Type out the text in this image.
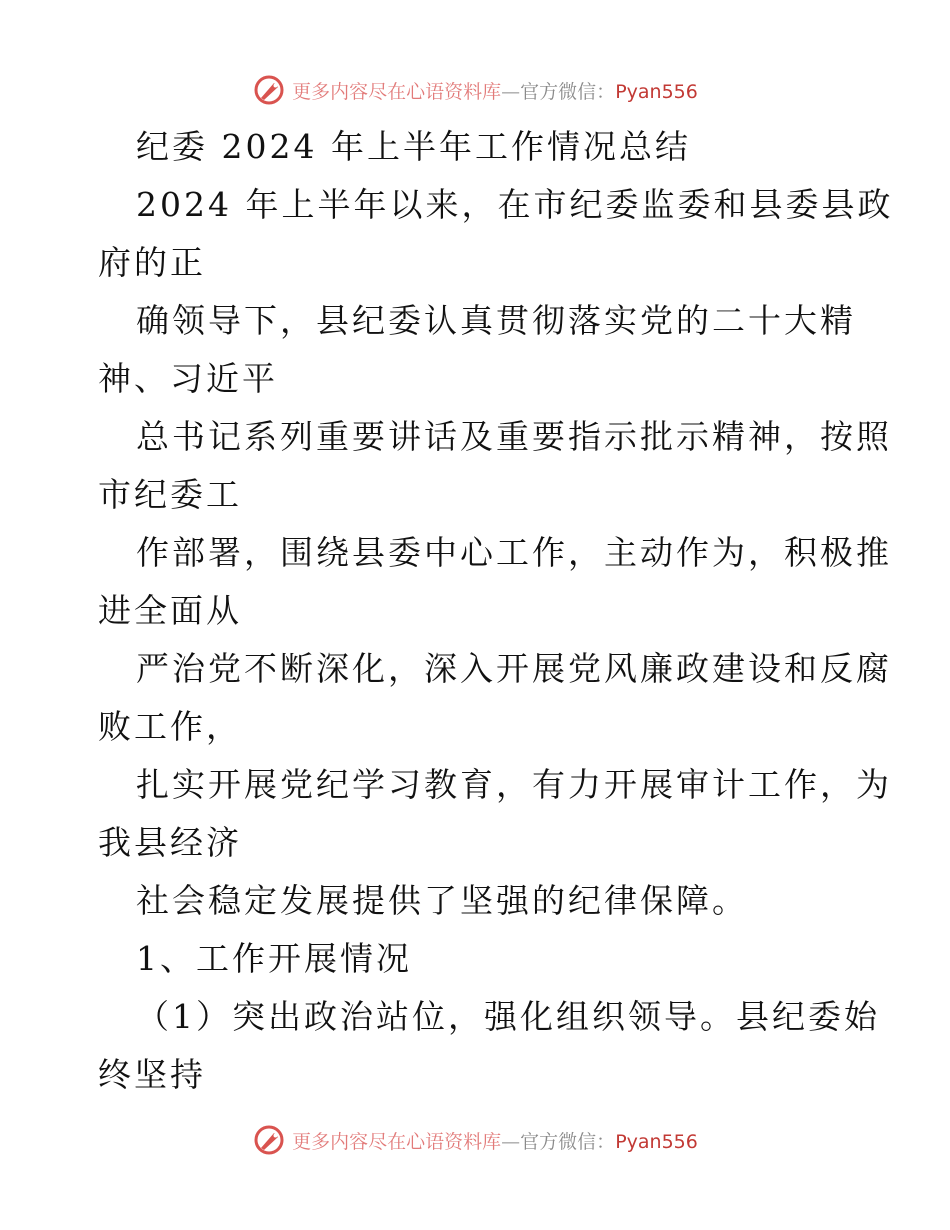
更多内容尽在心语资料库—官方微信：Pyan556
纪委 2024 年上半年工作情况总结
2024 年上半年以来，在市纪委监委和县委县政
府的正
确领导下，县纪委认真贯彻落实党的二十大精
神、习近平
总书记系列重要讲话及重要指示批示精神，按照
市纪委工
作部署，围绕县委中心工作，主动作为，积极推
进全面从
严治党不断深化，深入开展党风廉政建设和反腐
败工作，
扎实开展党纪学习教育，有力开展审计工作，为
我县经济
社会稳定发展提供了坚强的纪律保障。
1、工作开展情况
（1）突出政治站位，强化组织领导。县纪委始
终坚持
更多内容尽在心语资料库—官方微信：Pyan556
